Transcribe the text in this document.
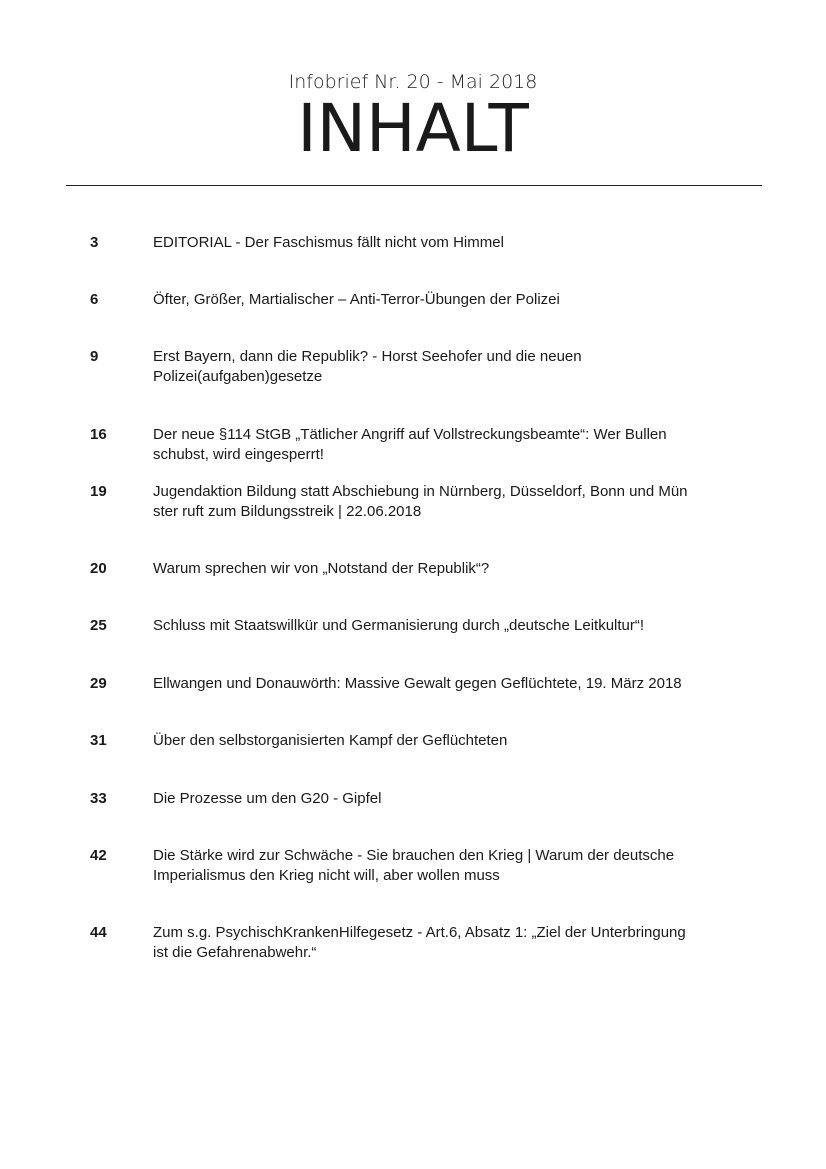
Infobrief Nr. 20 - Mai 2018
INHALT
3	EDITORIAL - Der Faschismus fällt nicht vom Himmel
6	Öfter, Größer, Martialischer – Anti-Terror-Übungen der Polizei
9	Erst Bayern, dann die Republik? - Horst Seehofer und die neuen
Polizei(aufgaben)gesetze
16	Der neue §114 StGB „Tätlicher Angriff auf Vollstreckungsbeamte“: Wer Bullen
schubst, wird eingesperrt!
19	Jugendaktion Bildung statt Abschiebung in Nürnberg, Düsseldorf, Bonn und Mün
ster ruft zum Bildungsstreik | 22.06.2018
20	Warum sprechen wir von „Notstand der Republik“?
25	Schluss mit Staatswillkür und Germanisierung durch „deutsche Leitkultur“!
29	Ellwangen und Donauwörth: Massive Gewalt gegen Geflüchtete, 19. März 2018
31	Über den selbstorganisierten Kampf der Geflüchteten
33	Die Prozesse um den G20 - Gipfel
42	Die Stärke wird zur Schwäche - Sie brauchen den Krieg | Warum der deutsche
Imperialismus den Krieg nicht will, aber wollen muss
44	Zum s.g. PsychischKrankenHilfegesetz - Art.6, Absatz 1: „Ziel der Unterbringung
ist die Gefahrenabwehr.“
